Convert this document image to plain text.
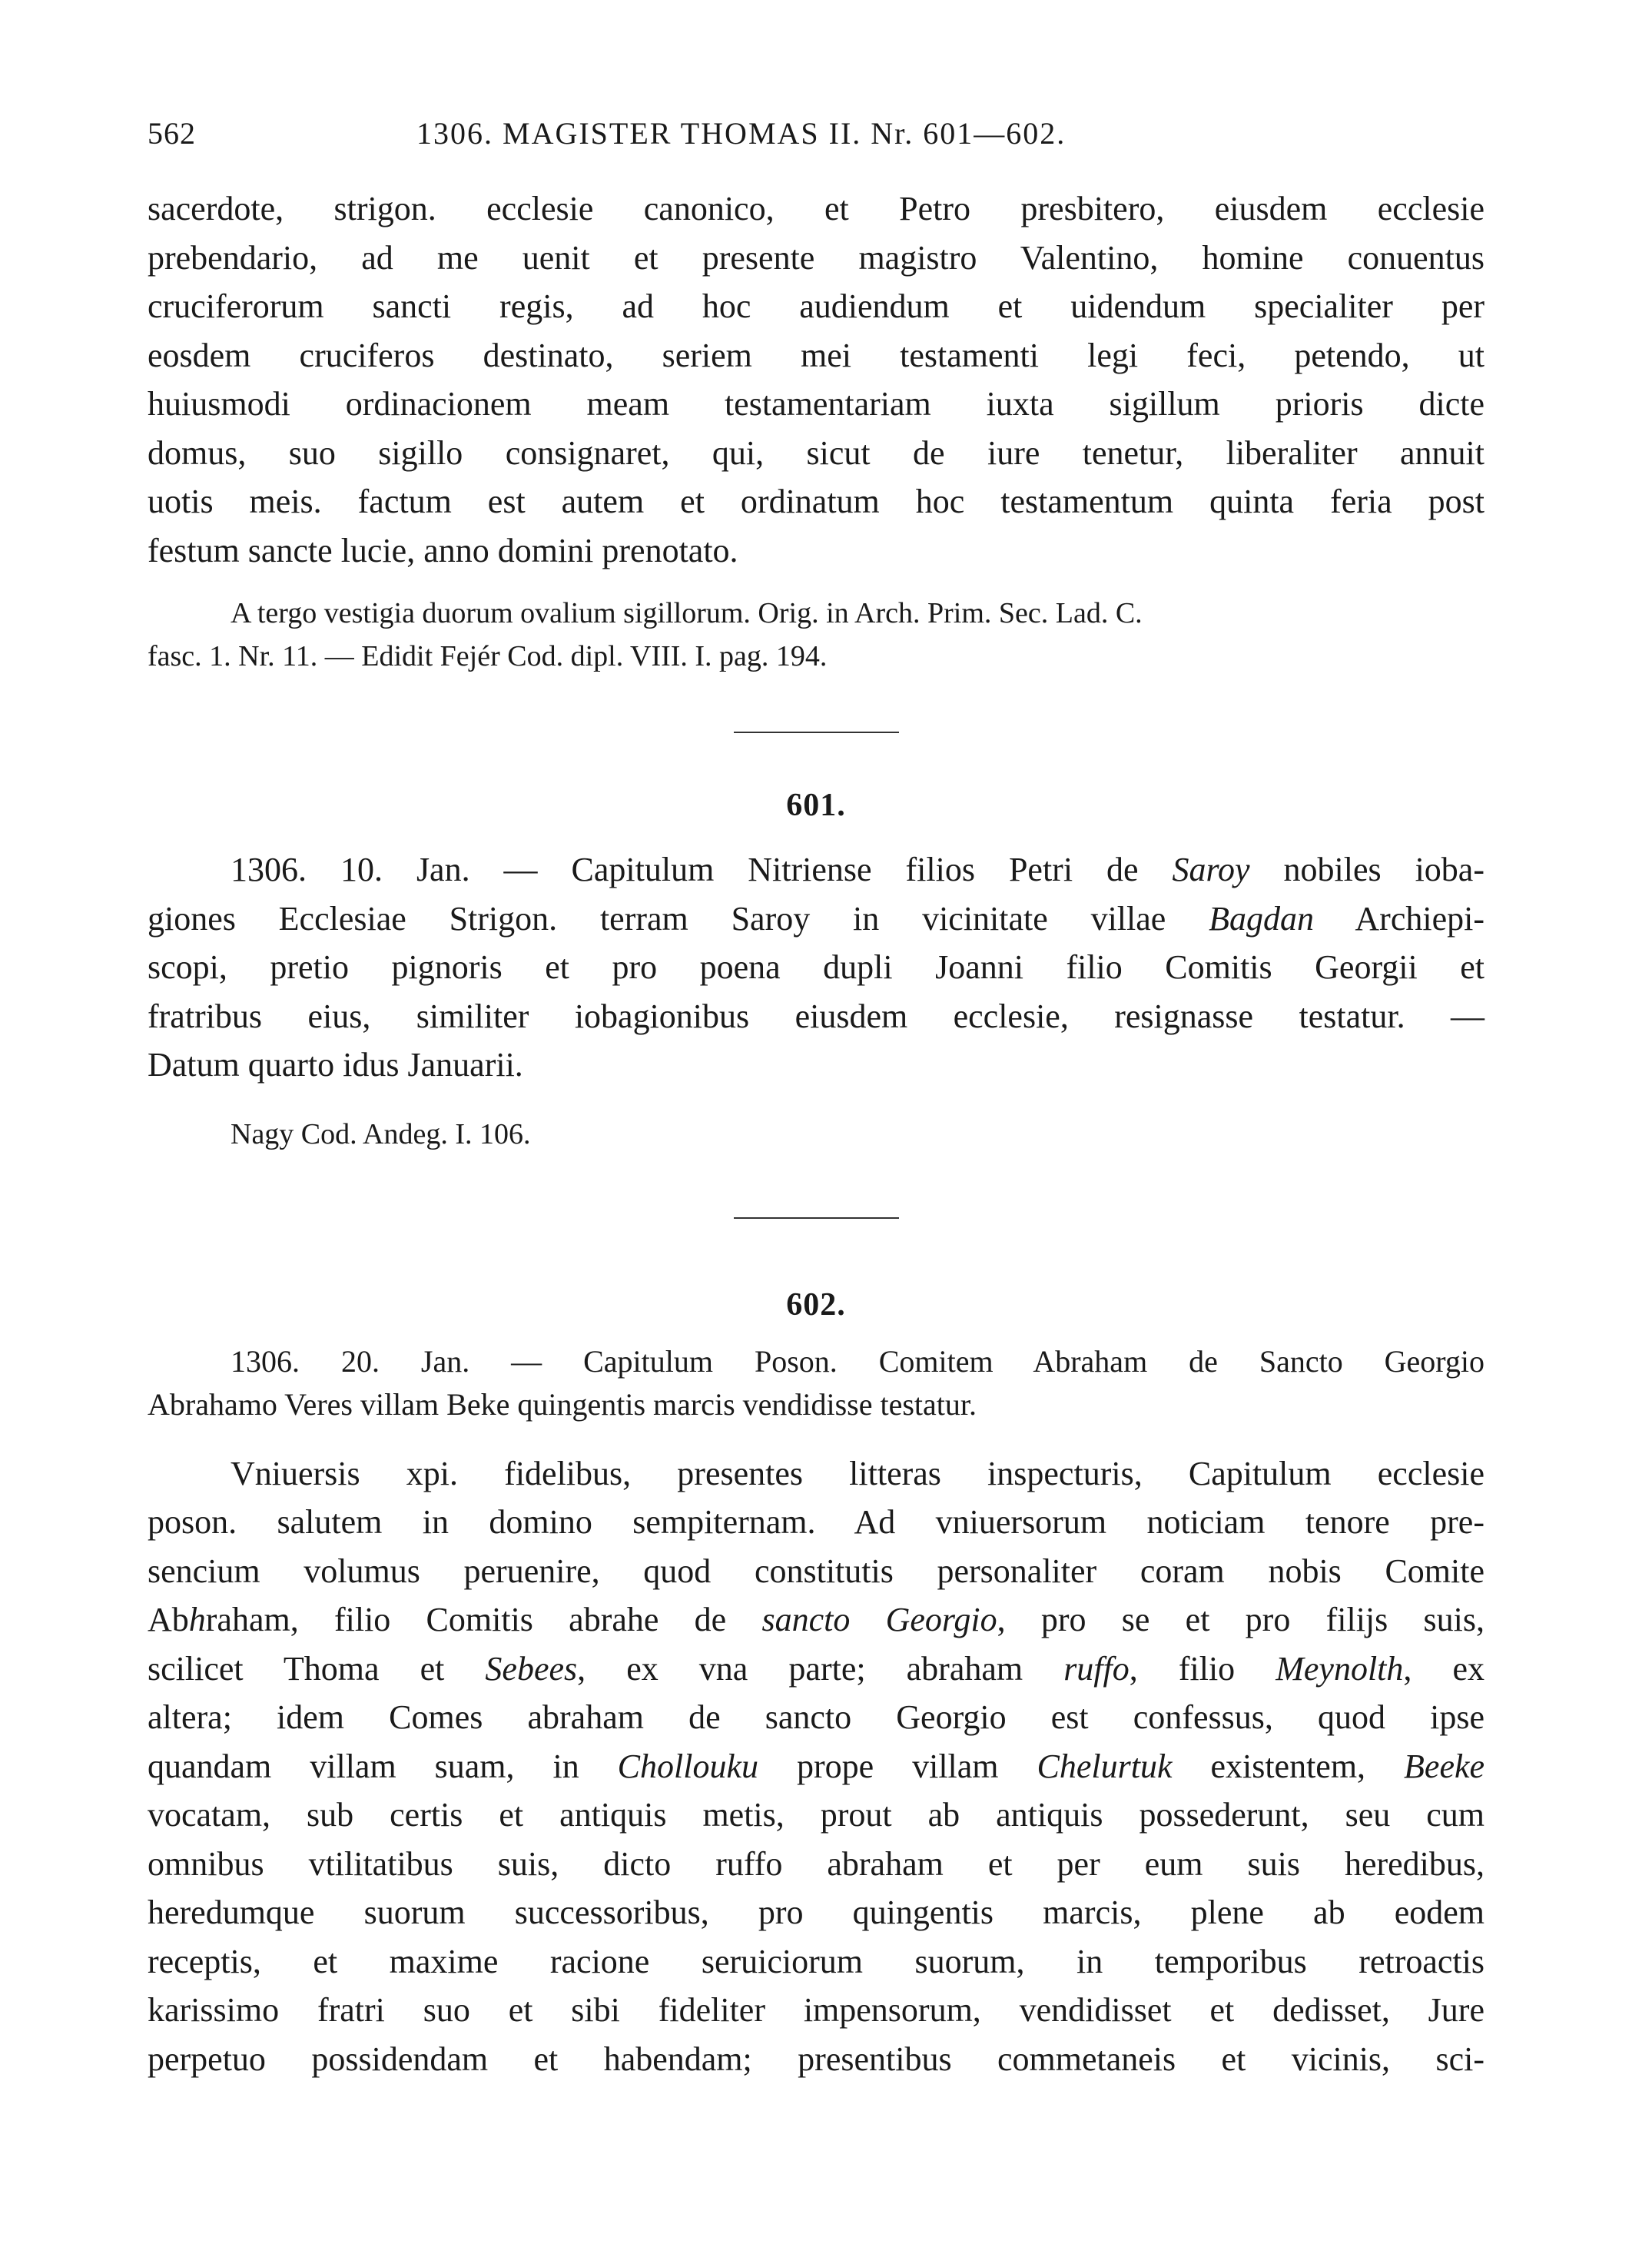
562	1306. MAGISTER THOMAS II. Nr. 601—602.
sacerdote, strigon. ecclesie canonico, et Petro presbitero, eiusdem ecclesie
prebendario, ad me uenit et presente magistro Valentino, homine conuentus
cruciferorum sancti regis, ad hoc audiendum et uidendum specialiter per
eosdem cruciferos destinato, seriem mei testamenti legi feci, petendo, ut
huiusmodi ordinacionem meam testamentariam iuxta sigillum prioris dicte
domus, suo sigillo consignaret, qui, sicut de iure tenetur, liberaliter annuit
uotis meis. factum est autem et ordinatum hoc testamentum quinta feria post
festum sancte lucie, anno domini prenotato.
A tergo vestigia duorum ovalium sigillorum. Orig. in Arch. Prim. Sec. Lad. C.
fasc. 1. Nr. 11. — Edidit Fejér Cod. dipl. VIII. I. pag. 194.

601.

1306. 10. Jan. — Capitulum Nitriense filios Petri de Saroy nobiles ioba-
giones Ecclesiae Strigon. terram Saroy in vicinitate villae Bagdan Archiepi-
scopi, pretio pignoris et pro poena dupli Joanni filio Comitis Georgii et
fratribus eius, similiter iobagionibus eiusdem ecclesie, resignasse testatur. —
Datum quarto idus Januarii.
Nagy Cod. Andeg. I. 106.

602.

1306. 20. Jan. — Capitulum Poson. Comitem Abraham de Sancto Georgio
Abrahamo Veres villam Beke quingentis marcis vendidisse testatur.
Vniuersis xpi. fidelibus, presentes litteras inspecturis, Capitulum ecclesie
poson. salutem in domino sempiternam. Ad vniuersorum noticiam tenore pre-
sencium volumus peruenire, quod constitutis personaliter coram nobis Comite
Abhraham, filio Comitis abrahe de sancto Georgio, pro se et pro filijs suis,
scilicet Thoma et Sebees, ex vna parte; abraham ruffo, filio Meynolth, ex
altera; idem Comes abraham de sancto Georgio est confessus, quod ipse
quandam villam suam, in Chollouku prope villam Chelurtuk existentem, Beeke
vocatam, sub certis et antiquis metis, prout ab antiquis possederunt, seu cum
omnibus vtilitatibus suis, dicto ruffo abraham et per eum suis heredibus,
heredumque suorum successoribus, pro quingentis marcis, plene ab eodem
receptis, et maxime racione seruiciorum suorum, in temporibus retroactis
karissimo fratri suo et sibi fideliter impensorum, vendidisset et dedisset, Jure
perpetuo possidendam et habendam; presentibus commetaneis et vicinis, sci-
